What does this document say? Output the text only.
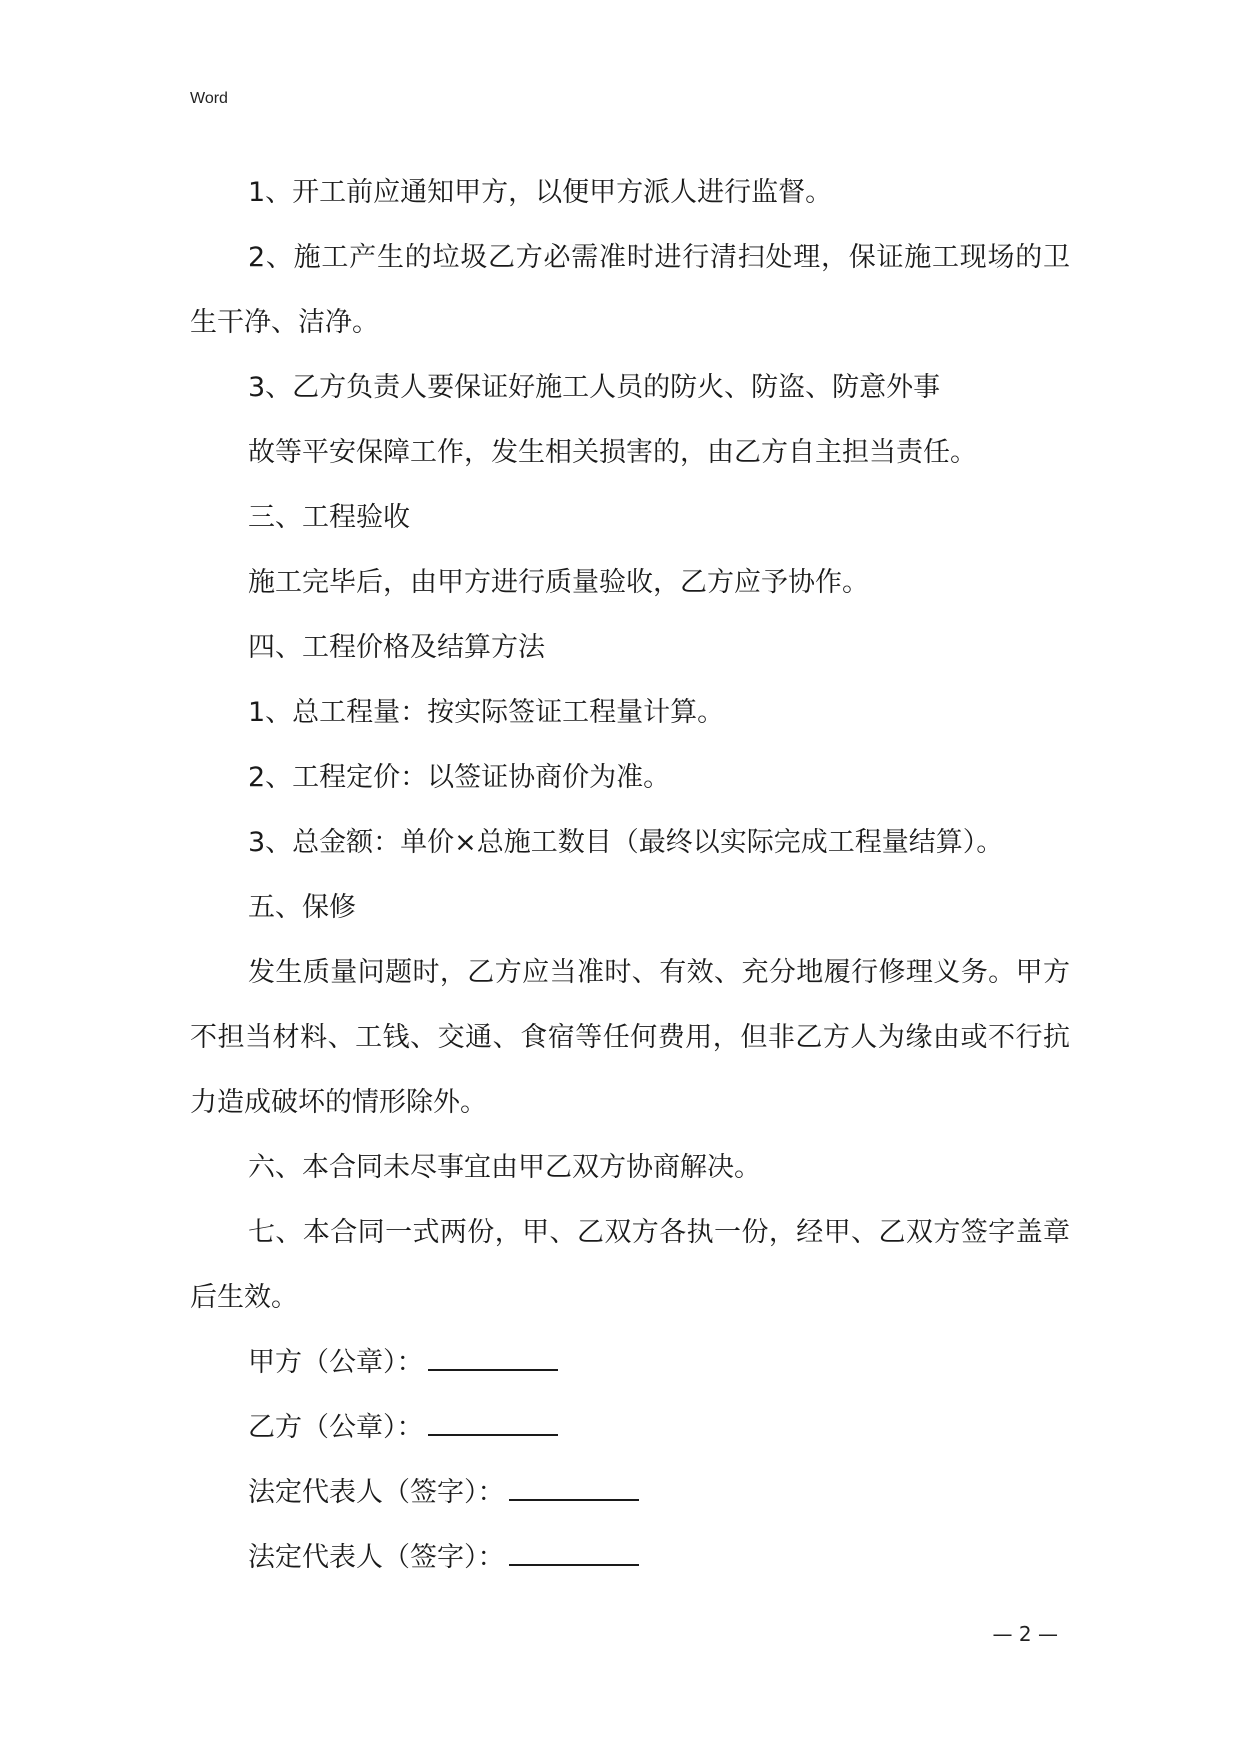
Word

1、开工前应通知甲方，以便甲方派人进行监督。

2、施工产生的垃圾乙方必需准时进行清扫处理，保证施工现场的卫生干净、洁净。

3、乙方负责人要保证好施工人员的防火、防盗、防意外事

故等平安保障工作，发生相关损害的，由乙方自主担当责任。

三、工程验收

施工完毕后，由甲方进行质量验收，乙方应予协作。

四、工程价格及结算方法

1、总工程量：按实际签证工程量计算。

2、工程定价：以签证协商价为准。

3、总金额：单价×总施工数目（最终以实际完成工程量结算）。

五、保修

发生质量问题时，乙方应当准时、有效、充分地履行修理义务。甲方不担当材料、工钱、交通、食宿等任何费用，但非乙方人为缘由或不行抗力造成破坏的情形除外。

六、本合同未尽事宜由甲乙双方协商解决。

七、本合同一式两份，甲、乙双方各执一份，经甲、乙双方签字盖章后生效。

甲方（公章）：
乙方（公章）：
法定代表人（签字）：
法定代表人（签字）：
— 2 —
